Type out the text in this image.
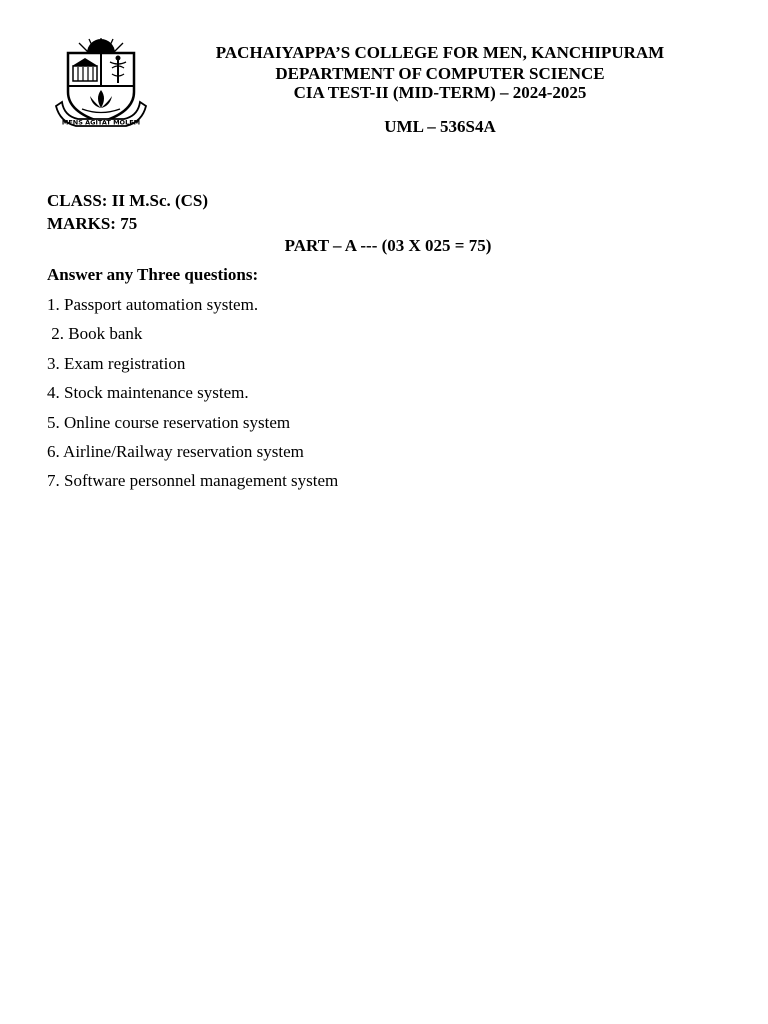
MENS AGITAT MOLEM
PACHAIYAPPA’S COLLEGE FOR MEN, KANCHIPURAM
DEPARTMENT OF COMPUTER SCIENCE
CIA TEST-II (MID-TERM) – 2024-2025
UML – 536S4A
CLASS: II M.Sc. (CS)
MARKS: 75
PART – A --- (03 X 025 = 75)
Answer any Three questions:
1. Passport automation system.
2. Book bank
3. Exam registration
4. Stock maintenance system.
5. Online course reservation system
6. Airline/Railway reservation system
7. Software personnel management system
